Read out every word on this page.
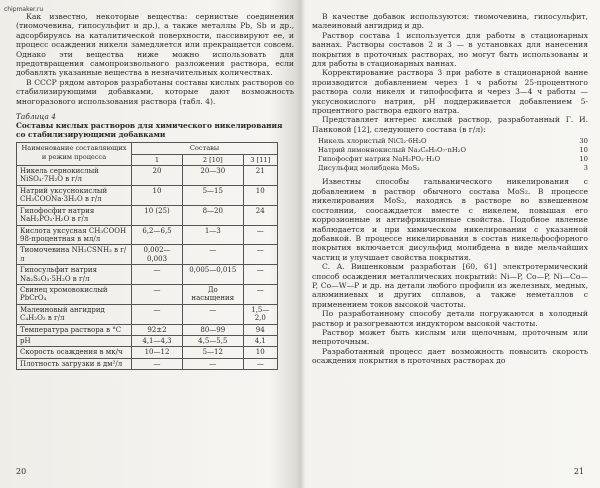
chipmaker.ru

Как известно, некоторые вещества: сернистые соединения (тиомочевина, гипосульфит и др.), а также металлы Pb, Sb и др., адсорбируясь на каталитической поверхности, пассивируют ее, и процесс осаждения никеля замедляется или прекращается совсем. Однако эти вещества ниже можно использовать для предотвращения самопроизвольного разложения раствора, если добавлять указанные вещества в незначительных количествах.

В СССР рядом авторов разработаны составы кислых растворов со стабилизирующими добавками, которые дают возможность многоразового использования раствора (табл. 4).

Таблица 4
Составы кислых растворов для химического никелирования со стабилизирующими добавками
Наименование составляющих и режим процесса	Составы		
	1	2 [10]	3 [11]
Никель сернокислый NiSO₄·7H₂O в г/л	20	20—30	21
Натрий уксуснокислый CH₃COONa·3H₂O в г/л	10	5—15	10
Гипофосфит натрия NaH₂PO₂·H₂O в г/л	10 (25)	8—20	24
Кислота уксусная CH₃COOH 98-процентная в мл/л	6,2—6,5	1—3	—
Тиомочевина NH₂CSNH₂ в г/л	0,002—0,003	—	—
Гипосульфит натрия Na₂S₂O₃·5H₂O в г/л	—	0,005—0,015	—
Свинец хромовокислый PbCrO₄	—	До насыщения	—
Малеиновый ангидрид C₄H₂O₃ в г/л	—	—	1,5—2,0
Температура раствора в °С	92±2	80—99	94
pH	4,1—4,3	4,5—5,5	4,1
Скорость осаждения в мк/ч	10—12	5—12	10
Плотность загрузки в дм²/л	—	—	—
20

В качестве добавок используются: тиомочевина, гипосульфит, малеиновый ангидрид и др.

Раствор состава 1 используется для работы в стационарных ваннах. Растворы составов 2 и 3 — в установках для нанесения покрытия в проточных растворах, но могут быть использованы и для работы в стационарных ваннах.

Корректирование раствора 3 при работе в стационарной ванне производится добавлением через 1 ч работы 25-процентного раствора соли никеля и гипофосфита и через 3—4 ч работы — уксуснокислого натрия, pH поддерживается добавлением 5-процентного раствора едкого натра.

Представляет интерес кислый раствор, разработанный Г. И. Панковой [12], следующего состава (в г/л):

Никель хлористый NiCl₂·6H₂O	30
Натрий лимоннокислый Na₃C₆H₅O₇·nH₂O	10
Гипофосфит натрия NaH₂PO₂·H₂O	10
Дисульфид молибдена MoS₂	3

Известны способы гальванического никелирования с добавлением в раствор обычного состава MoS₂. В процессе никелирования MoS₂, находясь в растворе во взвешенном состоянии, соосаждается вместе с никелем, повышая его коррозионные и антифрикционные свойства. Подобное явление наблюдается и при химическом никелировании с указанной добавкой. В процессе никелирования в состав никельфосфорного покрытия включается дисульфид молибдена в виде мельчайших частиц и улучшает свойства покрытия.

С. А. Вишенковым разработан [60, 61] электротермический способ осаждения металлических покрытий: Ni—P, Co—P, Ni—Co—P, Co—W—P и др. на детали любого профиля из железных, медных, алюминиевых и других сплавов, а также неметаллов с применением токов высокой частоты.

По разработанному способу детали погружаются в холодный раствор и разогреваются индуктором высокой частоты.

Раствор может быть кислым или щелочным, проточным или непроточным.

Разработанный процесс дает возможность повысить скорость осаждения покрытия в проточных растворах до

21
